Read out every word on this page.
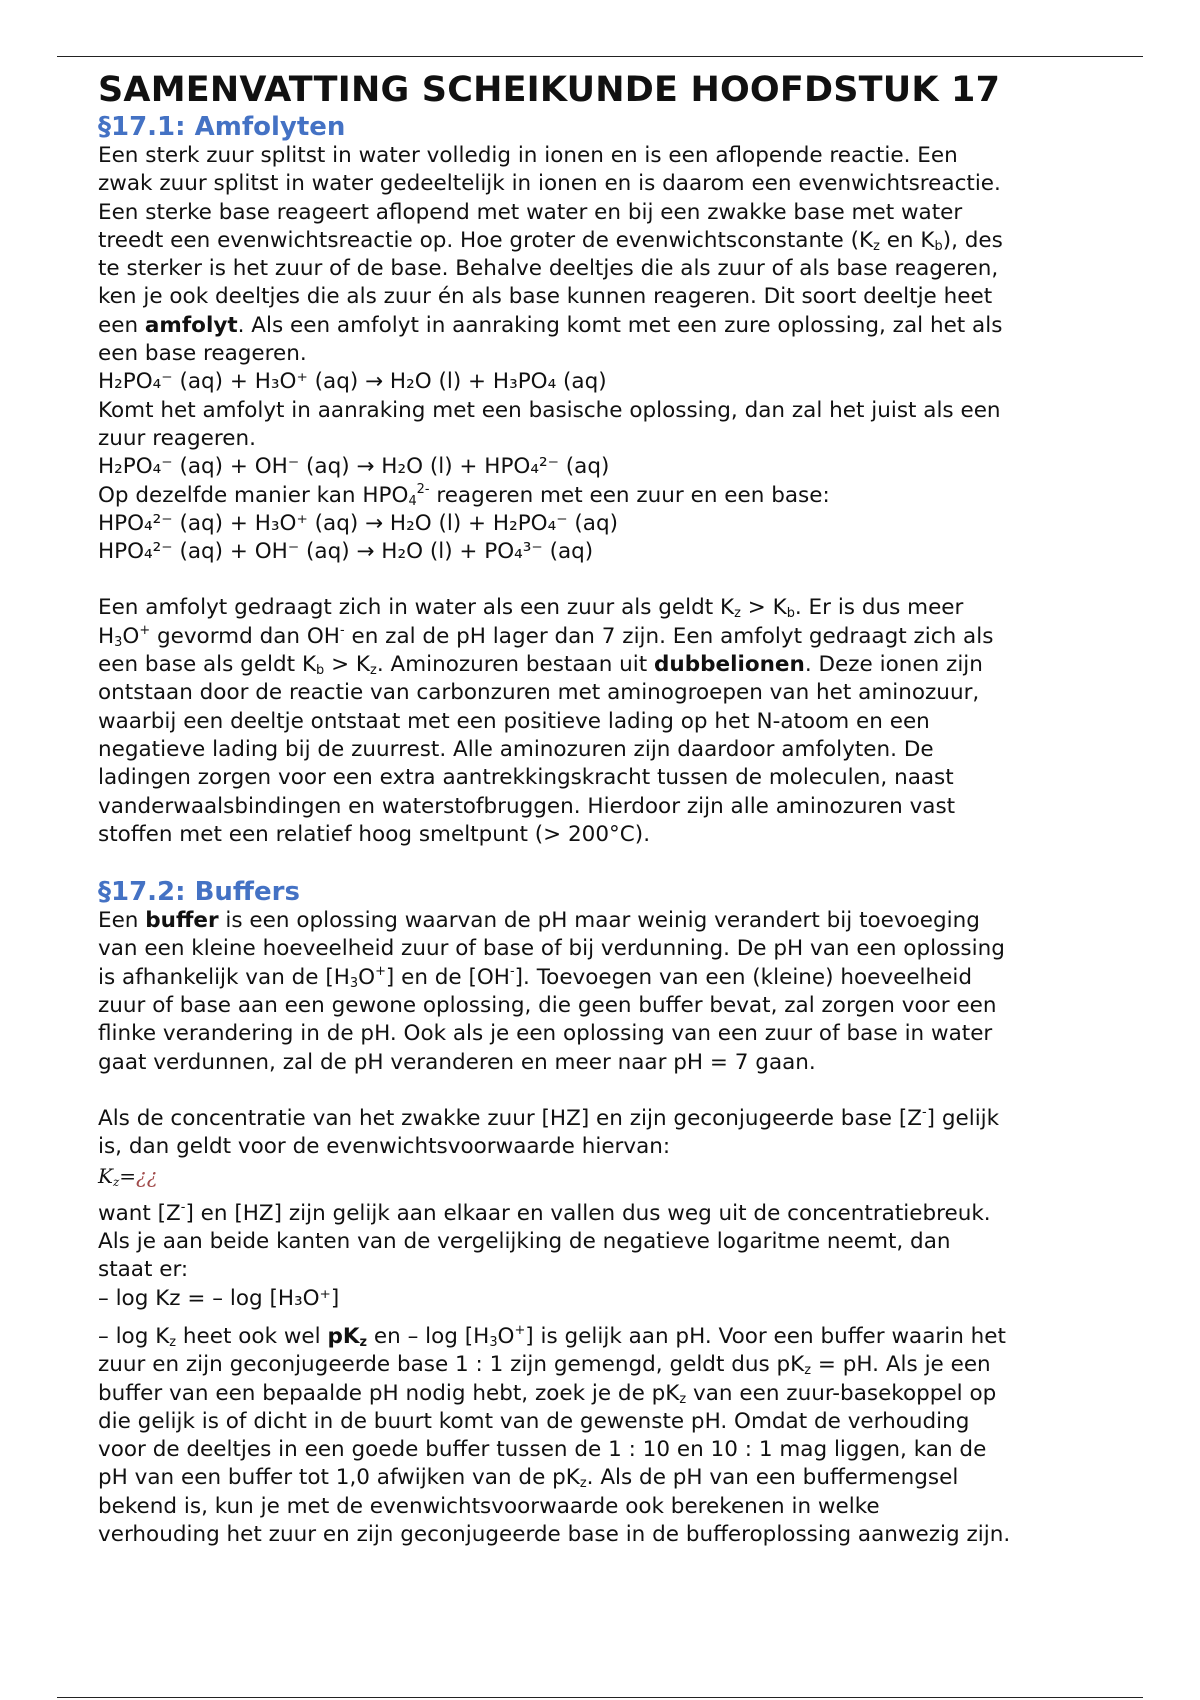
SAMENVATTING SCHEIKUNDE HOOFDSTUK 17
§17.1: Amfolyten

Een sterk zuur splitst in water volledig in ionen en is een aflopende reactie. Een

zwak zuur splitst in water gedeeltelijk in ionen en is daarom een evenwichtsreactie.

Een sterke base reageert aflopend met water en bij een zwakke base met water

treedt een evenwichtsreactie op. Hoe groter de evenwichtsconstante ($K_z$ en $K_b$), des

te sterker is het zuur of de base. Behalve deeltjes die als zuur of als base reageren,

ken je ook deeltjes die als zuur én als base kunnen reageren. Dit soort deeltje heet

een amfolyt. Als een amfolyt in aanraking komt met een zure oplossing, zal het als

een base reageren.

H₂PO₄⁻ (aq) + H₃O⁺ (aq) → H₂O (l) + H₃PO₄ (aq)

Komt het amfolyt in aanraking met een basische oplossing, dan zal het juist als een

zuur reageren.

H₂PO₄⁻ (aq) + OH⁻ (aq) → H₂O (l) + HPO₄²⁻ (aq)

Op dezelfde manier kan $HPO_4^{2-}$ reageren met een zuur en een base:

HPO₄²⁻ (aq) + H₃O⁺ (aq) → H₂O (l) + H₂PO₄⁻ (aq)

HPO₄²⁻ (aq) + OH⁻ (aq) → H₂O (l) + PO₄³⁻ (aq)

Een amfolyt gedraagt zich in water als een zuur als geldt $K_z > K_b$. Er is dus meer

$H_3O^+$ gevormd dan OH- en zal de pH lager dan 7 zijn. Een amfolyt gedraagt zich als

een base als geldt $K_b > K_z$. Aminozuren bestaan uit dubbelionen. Deze ionen zijn

ontstaan door de reactie van carbonzuren met aminogroepen van het aminozuur,

waarbij een deeltje ontstaat met een positieve lading op het N-atoom en een

negatieve lading bij de zuurrest. Alle aminozuren zijn daardoor amfolyten. De

ladingen zorgen voor een extra aantrekkingskracht tussen de moleculen, naast

vanderwaalsbindingen en waterstofbruggen. Hierdoor zijn alle aminozuren vast

stoffen met een relatief hoog smeltpunt (> 200°C).

§17.2: Buffers

Een buffer is een oplossing waarvan de pH maar weinig verandert bij toevoeging

van een kleine hoeveelheid zuur of base of bij verdunning. De pH van een oplossing

is afhankelijk van de $[H_3O^+]$ en de [OH-]. Toevoegen van een (kleine) hoeveelheid

zuur of base aan een gewone oplossing, die geen buffer bevat, zal zorgen voor een

flinke verandering in de pH. Ook als je een oplossing van een zuur of base in water

gaat verdunnen, zal de pH veranderen en meer naar pH = 7 gaan.

Als de concentratie van het zwakke zuur [HZ] en zijn geconjugeerde base [Z-] gelijk

is, dan geldt voor de evenwichtsvoorwaarde hiervan:

$K_z=¿¿$

want [Z-] en [HZ] zijn gelijk aan elkaar en vallen dus weg uit de concentratiebreuk.

Als je aan beide kanten van de vergelijking de negatieve logaritme neemt, dan

staat er:

– log Kz = – log [H₃O⁺]

– $\log K_z$ heet ook wel $pK_z$ en – $\log [H_3O^+]$ is gelijk aan pH. Voor een buffer waarin het

zuur en zijn geconjugeerde base 1 : 1 zijn gemengd, geldt dus $pK_z$ = pH. Als je een

buffer van een bepaalde pH nodig hebt, zoek je de $pK_z$ van een zuur-basekoppel op

die gelijk is of dicht in de buurt komt van de gewenste pH. Omdat de verhouding

voor de deeltjes in een goede buffer tussen de 1 : 10 en 10 : 1 mag liggen, kan de

pH van een buffer tot 1,0 afwijken van de $pK_z$. Als de pH van een buffermengsel

bekend is, kun je met de evenwichtsvoorwaarde ook berekenen in welke

verhouding het zuur en zijn geconjugeerde base in de bufferoplossing aanwezig zijn.
